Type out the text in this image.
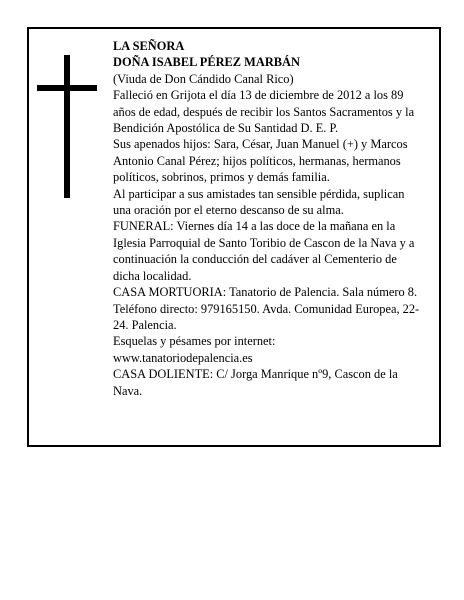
LA SEÑORA

DOÑA ISABEL PÉREZ MARBÁN

(Viuda de Don Cándido Canal Rico)

Falleció en Grijota el día 13 de diciembre de 2012 a los 89 años de edad, después de recibir los Santos Sacramentos y la Bendición Apostólica de Su Santidad D. E. P.

Sus apenados hijos: Sara, César, Juan Manuel (+) y Marcos Antonio Canal Pérez; hijos políticos, hermanas, hermanos políticos, sobrinos, primos y demás familia.

Al participar a sus amistades tan sensible pérdida, suplican una oración por el eterno descanso de su alma.

FUNERAL: Viernes día 14 a las doce de la mañana en la Iglesia Parroquial de Santo Toribio de Cascon de la Nava y a continuación la conducción del cadáver al Cementerio de dicha localidad.

CASA MORTUORIA: Tanatorio de Palencia. Sala número 8. Teléfono directo: 979165150. Avda. Comunidad Europea, 22-24. Palencia.

Esquelas y pésames por internet:

www.tanatoriodepalencia.es

CASA DOLIENTE: C/ Jorga Manrique nº9, Cascon de la Nava.
